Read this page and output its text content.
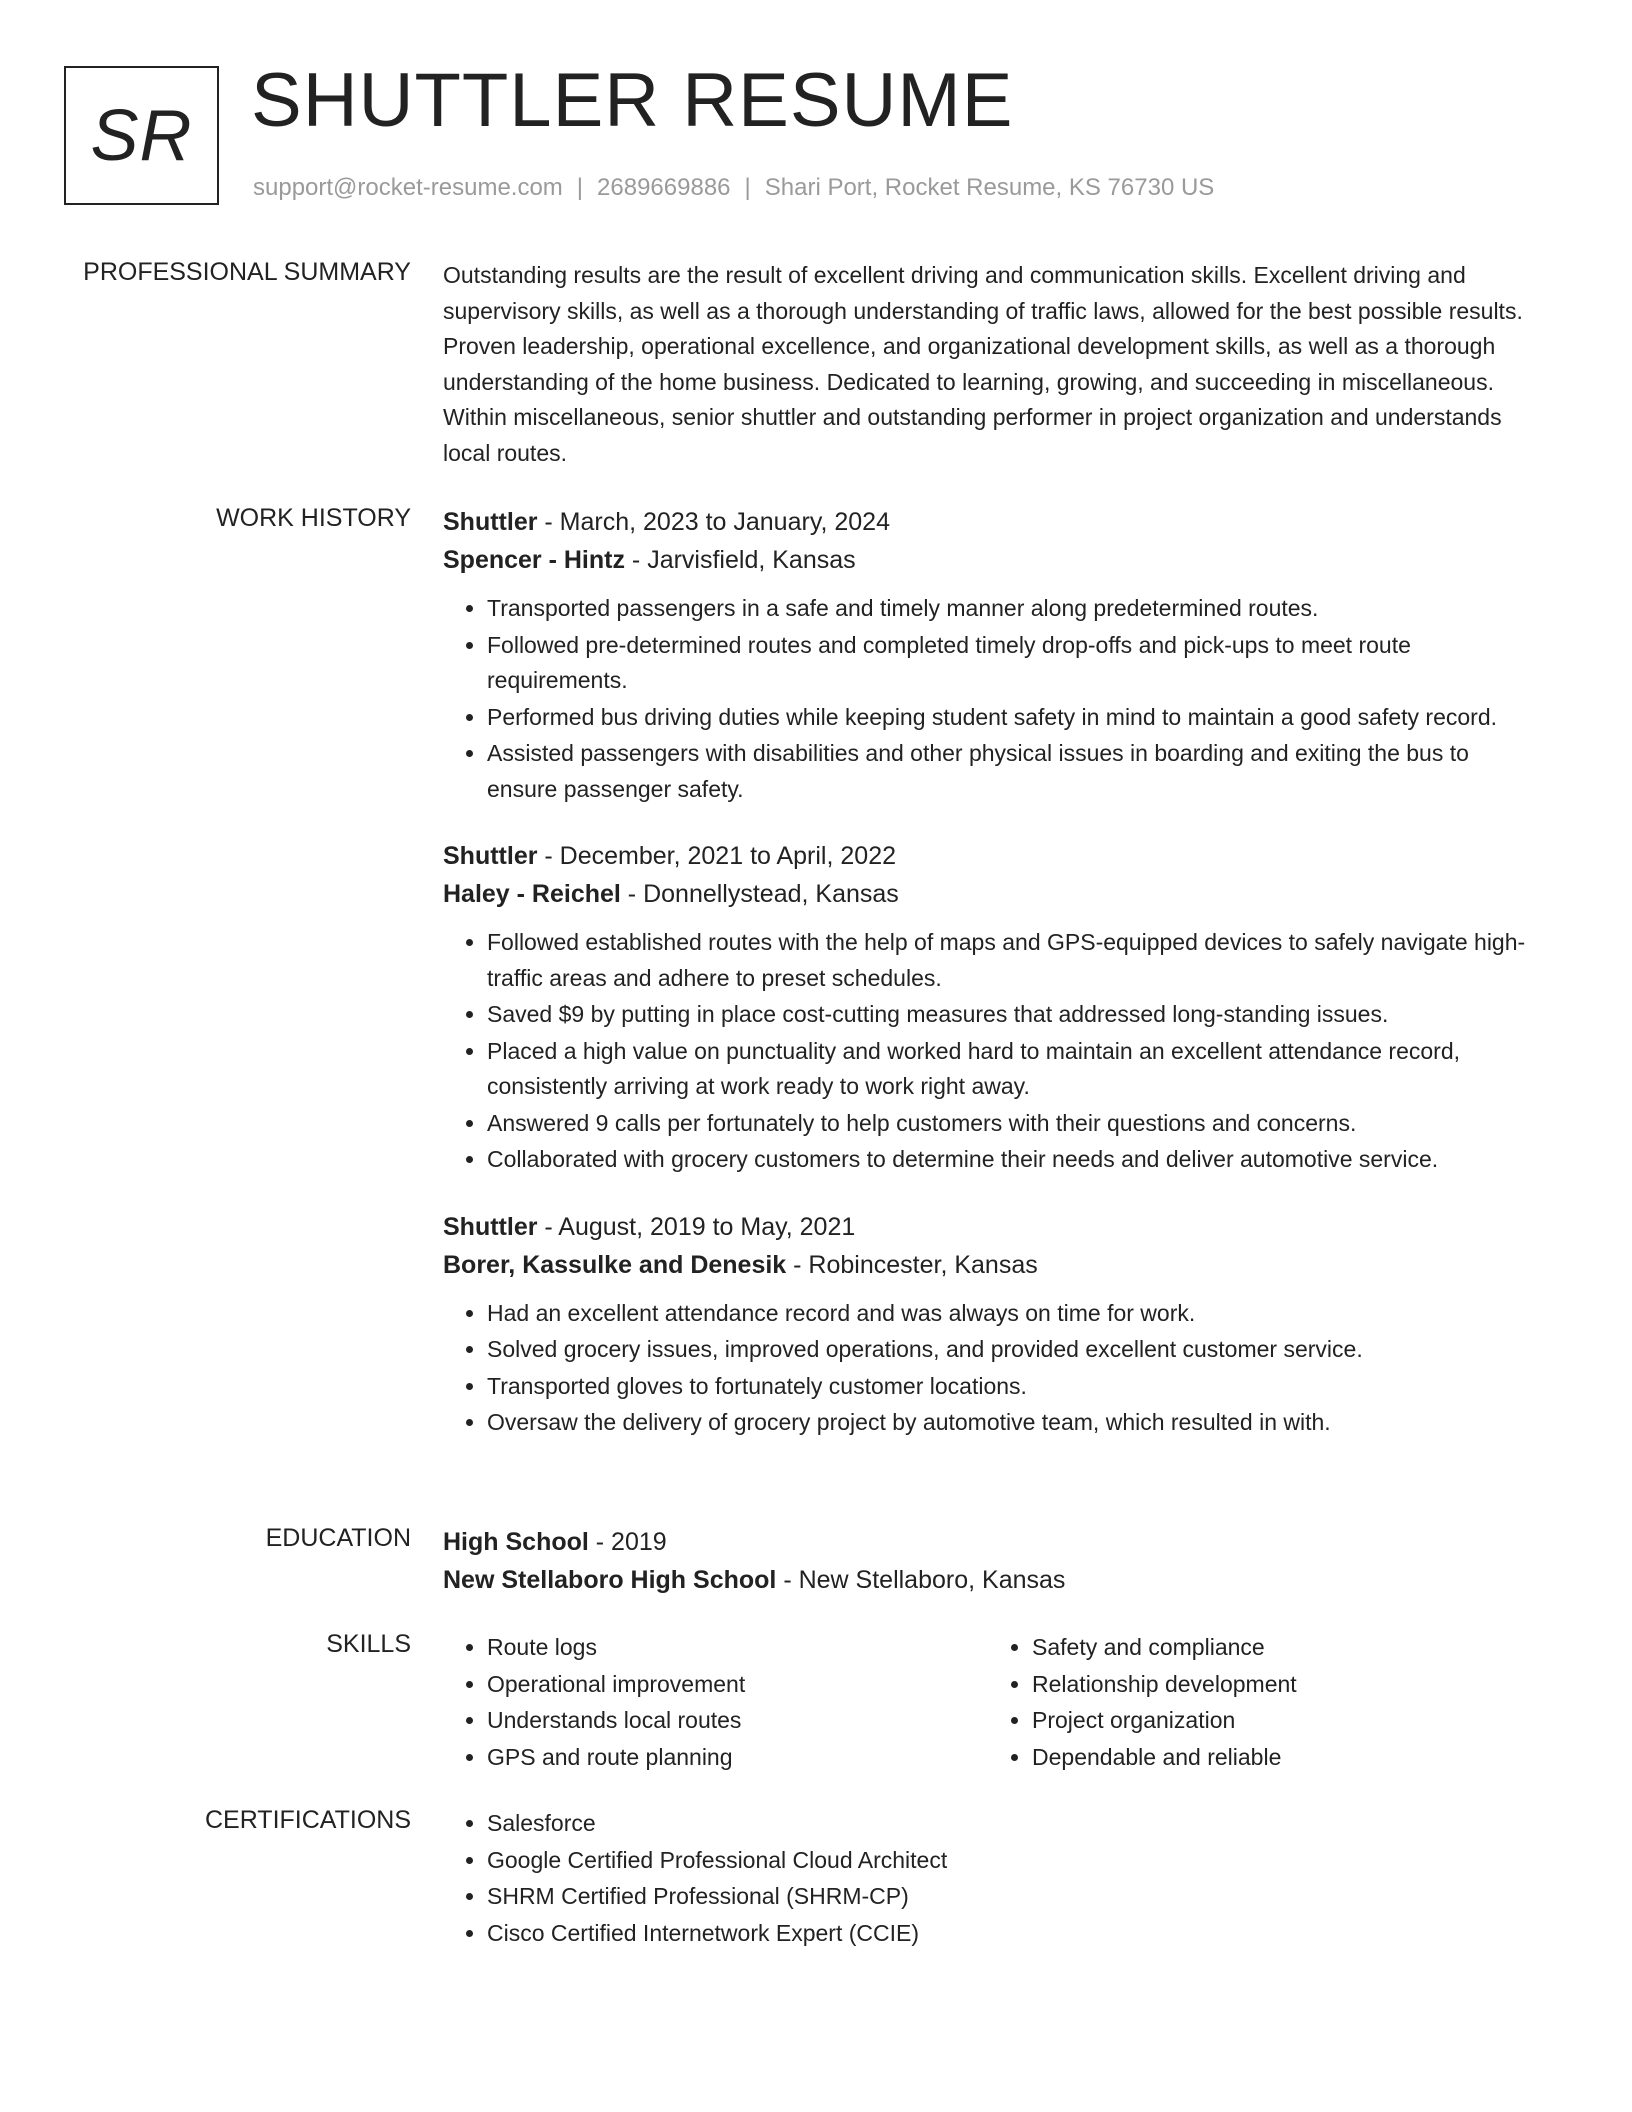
SR SHUTTLER RESUME
support@rocket-resume.com | 2689669886 | Shari Port, Rocket Resume, KS 76730 US
PROFESSIONAL SUMMARY Outstanding results are the result of excellent driving and communication skills. Excellent driving and supervisory skills, as well as a thorough understanding of traffic laws, allowed for the best possible results. Proven leadership, operational excellence, and organizational development skills, as well as a thorough understanding of the home business. Dedicated to learning, growing, and succeeding in miscellaneous. Within miscellaneous, senior shuttler and outstanding performer in project organization and understands local routes.

WORK HISTORY Shuttler - March, 2023 to January, 2024

Spencer - Hintz - Jarvisfield, Kansas

• Transported passengers in a safe and timely manner along predetermined routes.
• Followed pre-determined routes and completed timely drop-offs and pick-ups to meet route requirements.
• Performed bus driving duties while keeping student safety in mind to maintain a good safety record.
• Assisted passengers with disabilities and other physical issues in boarding and exiting the bus to ensure passenger safety.

Shuttler - December, 2021 to April, 2022

Haley - Reichel - Donnellystead, Kansas

• Followed established routes with the help of maps and GPS-equipped devices to safely navigate high-traffic areas and adhere to preset schedules.
• Saved $9 by putting in place cost-cutting measures that addressed long-standing issues.
• Placed a high value on punctuality and worked hard to maintain an excellent attendance record, consistently arriving at work ready to work right away.
• Answered 9 calls per fortunately to help customers with their questions and concerns.
• Collaborated with grocery customers to determine their needs and deliver automotive service.

Shuttler - August, 2019 to May, 2021

Borer, Kassulke and Denesik - Robincester, Kansas

• Had an excellent attendance record and was always on time for work.
• Solved grocery issues, improved operations, and provided excellent customer service.
• Transported gloves to fortunately customer locations.
• Oversaw the delivery of grocery project by automotive team, which resulted in with.
EDUCATION High School - 2019

New Stellaboro High School - New Stellaboro, Kansas

SKILLS	• Route logs
• Operational improvement
• Understands local routes
• GPS and route planning
• Safety and compliance
• Relationship development
• Project organization
• Dependable and reliable
CERTIFICATIONS	• Salesforce
• Google Certified Professional Cloud Architect
• SHRM Certified Professional (SHRM-CP)
• Cisco Certified Internetwork Expert (CCIE)
